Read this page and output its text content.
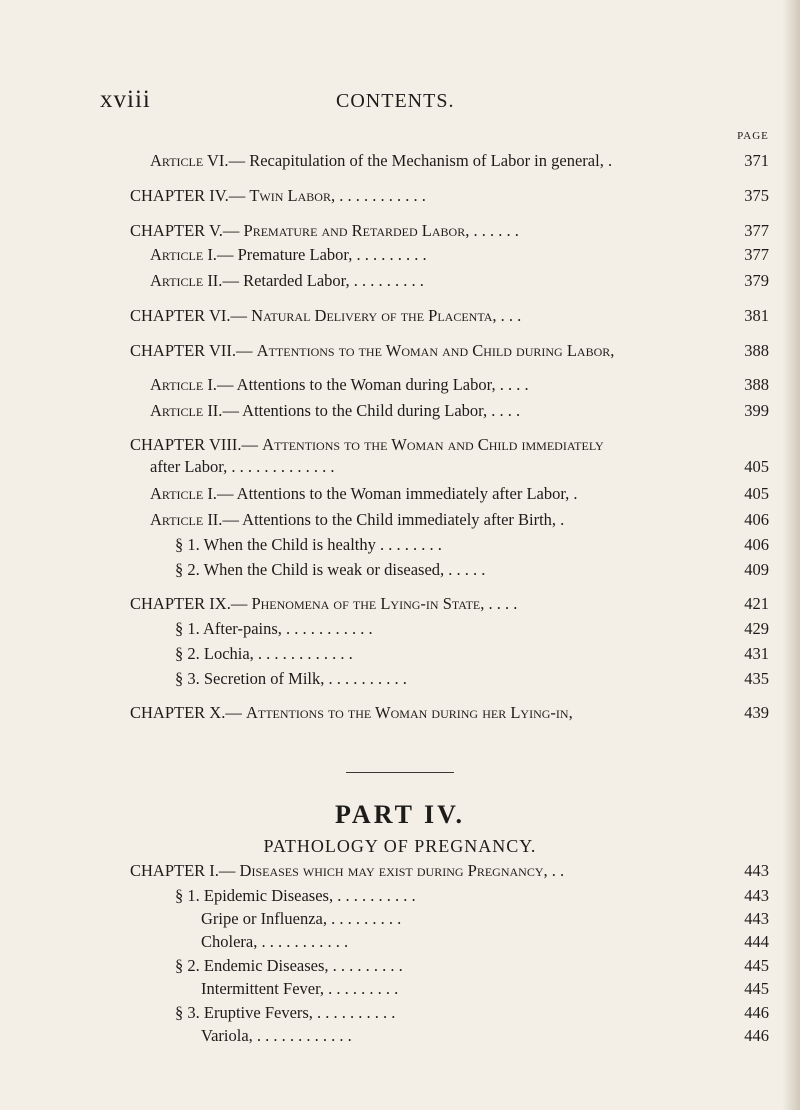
xviii	CONTENTS.
PAGE
Article VI.— Recapitulation of the Mechanism of Labor in general, .	371
CHAPTER IV.— Twin Labor, . . . . . . . . . . .	375
CHAPTER V.— Premature and Retarded Labor, . . . . . .	377
Article I.— Premature Labor, . . . . . . . . .	377
Article II.— Retarded Labor, . . . . . . . . .	379
CHAPTER VI.— Natural Delivery of the Placenta, . . .	381
CHAPTER VII.— Attentions to the Woman and Child during Labor,	388
Article I.— Attentions to the Woman during Labor, . . . .	388
Article II.— Attentions to the Child during Labor, . . . .	399
CHAPTER VIII.— Attentions to the Woman and Child immediately
after Labor, . . . . . . . . . . . . .	405
Article I.— Attentions to the Woman immediately after Labor, .	405
Article II.— Attentions to the Child immediately after Birth, .	406
§ 1. When the Child is healthy . . . . . . . .	406
§ 2. When the Child is weak or diseased, . . . . .	409
CHAPTER IX.— Phenomena of the Lying-in State, . . . .	421
§ 1. After-pains, . . . . . . . . . . .	429
§ 2. Lochia, . . . . . . . . . . . .	431
§ 3. Secretion of Milk, . . . . . . . . . .	435
CHAPTER X.— Attentions to the Woman during her Lying-in,	439
PART IV.
PATHOLOGY OF PREGNANCY.
CHAPTER I.— Diseases which may exist during Pregnancy, . .	443
§ 1. Epidemic Diseases, . . . . . . . . . .	443
Gripe or Influenza, . . . . . . . . .	443
Cholera, . . . . . . . . . . .	444
§ 2. Endemic Diseases, . . . . . . . . .	445
Intermittent Fever, . . . . . . . . .	445
§ 3. Eruptive Fevers, . . . . . . . . . .	446
Variola, . . . . . . . . . . . .	446
